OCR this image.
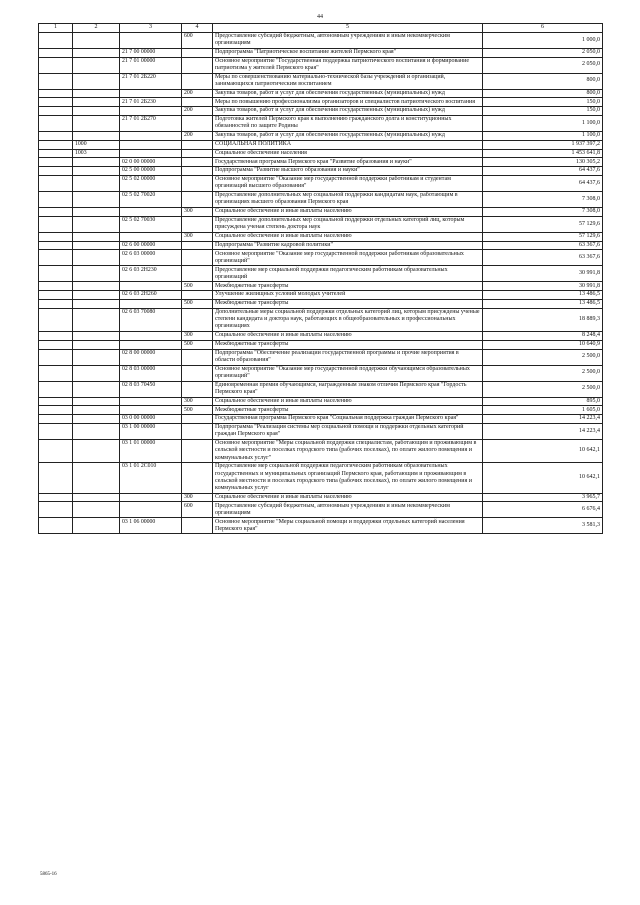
44
1	2	3	4	5	6
			600	Предоставление субсидий бюджетным, автономным учреждениям и иным некоммерческим организациям	1 000,0
		21 7 00 00000		Подпрограмма "Патриотическое воспитание жителей Пермского края"	2 050,0
		21 7 01 00000		Основное мероприятие "Государственная поддержка патриотического воспитания и формирование патриотизма у жителей Пермского края"	2 050,0
		21 7 01 2Б220		Меры по совершенствованию материально-технической базы учреждений и организаций, занимающихся патриотическим воспитанием	800,0
			200	Закупка товаров, работ и услуг для обеспечения государственных (муниципальных) нужд	800,0
		21 7 01 2Б230		Меры по повышению профессионализма организаторов и специалистов патриотического воспитания	150,0
			200	Закупка товаров, работ и услуг для обеспечения государственных (муниципальных) нужд	150,0
		21 7 01 2Б270		Подготовка жителей Пермского края к выполнению гражданского долга и конституционных обязанностей по защите Родины	1 100,0
			200	Закупка товаров, работ и услуг для обеспечения государственных (муниципальных) нужд	1 100,0
	1000			СОЦИАЛЬНАЯ ПОЛИТИКА	1 937 397,2
	1003			Социальное обеспечение населения	1 453 641,8
		02 0 00 00000		Государственная программа Пермского края "Развитие образования и науки"	130 305,2
		02 5 00 00000		Подпрограмма "Развитие высшего образования и науки"	64 437,6
		02 5 02 00000		Основное мероприятие "Оказание мер государственной поддержки работникам и студентам организаций высшего образования"	64 437,6
		02 5 02 70020		Предоставление дополнительных мер социальной поддержки кандидатам наук, работающим в организациях высшего образования Пермского края	7 308,0
			300	Социальное обеспечение и иные выплаты населению	7 308,0
		02 5 02 70030		Предоставление дополнительных мер социальной поддержки отдельных категорий лиц, которым присуждена ученая степень доктора наук	57 129,6
			300	Социальное обеспечение и иные выплаты населению	57 129,6
		02 6 00 00000		Подпрограмма "Развитие кадровой политики"	63 367,6
		02 6 03 00000		Основное мероприятие "Оказание мер государственной поддержки работникам образовательных организаций"	63 367,6
		02 6 03 2Н230		Предоставление мер социальной поддержки педагогическим работникам образовательных организаций	30 991,8
			500	Межбюджетные трансферты	30 991,8
		02 6 03 2Н260		Улучшение жилищных условий молодых учителей	13 486,5
			500	Межбюджетные трансферты	13 486,5
		02 6 03 70080		Дополнительные меры социальной поддержки отдельных категорий лиц, которым присуждены ученые степени кандидата и доктора наук, работающих в общеобразовательных и профессиональных организациях	18 889,3
			300	Социальное обеспечение и иные выплаты населению	8 248,4
			500	Межбюджетные трансферты	10 640,9
		02 8 00 00000		Подпрограмма "Обеспечение реализации государственной программы и прочие мероприятия в области образования"	2 500,0
		02 8 03 00000		Основное мероприятие "Оказание мер государственной поддержки обучающимся образовательных организаций"	2 500,0
		02 8 03 70450		Единовременная премия обучающимся, награжденным знаком отличия Пермского края "Гордость Пермского края"	2 500,0
			300	Социальное обеспечение и иные выплаты населению	895,0
			500	Межбюджетные трансферты	1 605,0
		03 0 00 00000		Государственная программа Пермского края "Социальная поддержка граждан Пермского края"	14 223,4
		03 1 00 00000		Подпрограмма "Реализация системы мер социальной помощи и поддержки отдельных категорий граждан Пермского края"	14 223,4
		03 1 01 00000		Основное мероприятие "Меры социальной поддержки специалистам, работающим и проживающим в сельской местности и поселках городского типа (рабочих поселках), по оплате жилого помещения и коммунальных услуг"	10 642,1
		03 1 01 2С010		Предоставление мер социальной поддержки педагогическим работникам образовательных государственных и муниципальных организаций Пермского края, работающим и проживающим в сельской местности и поселках городского типа (рабочих поселках), по оплате жилого помещения и коммунальных услуг	10 642,1
			300	Социальное обеспечение и иные выплаты населению	3 965,7
			600	Предоставление субсидий бюджетным, автономным учреждениям и иным некоммерческим организациям	6 676,4
		03 1 06 00000		Основное мероприятие "Меры социальной помощи и поддержки отдельных категорий населения Пермского края"	3 581,3
5865-16
